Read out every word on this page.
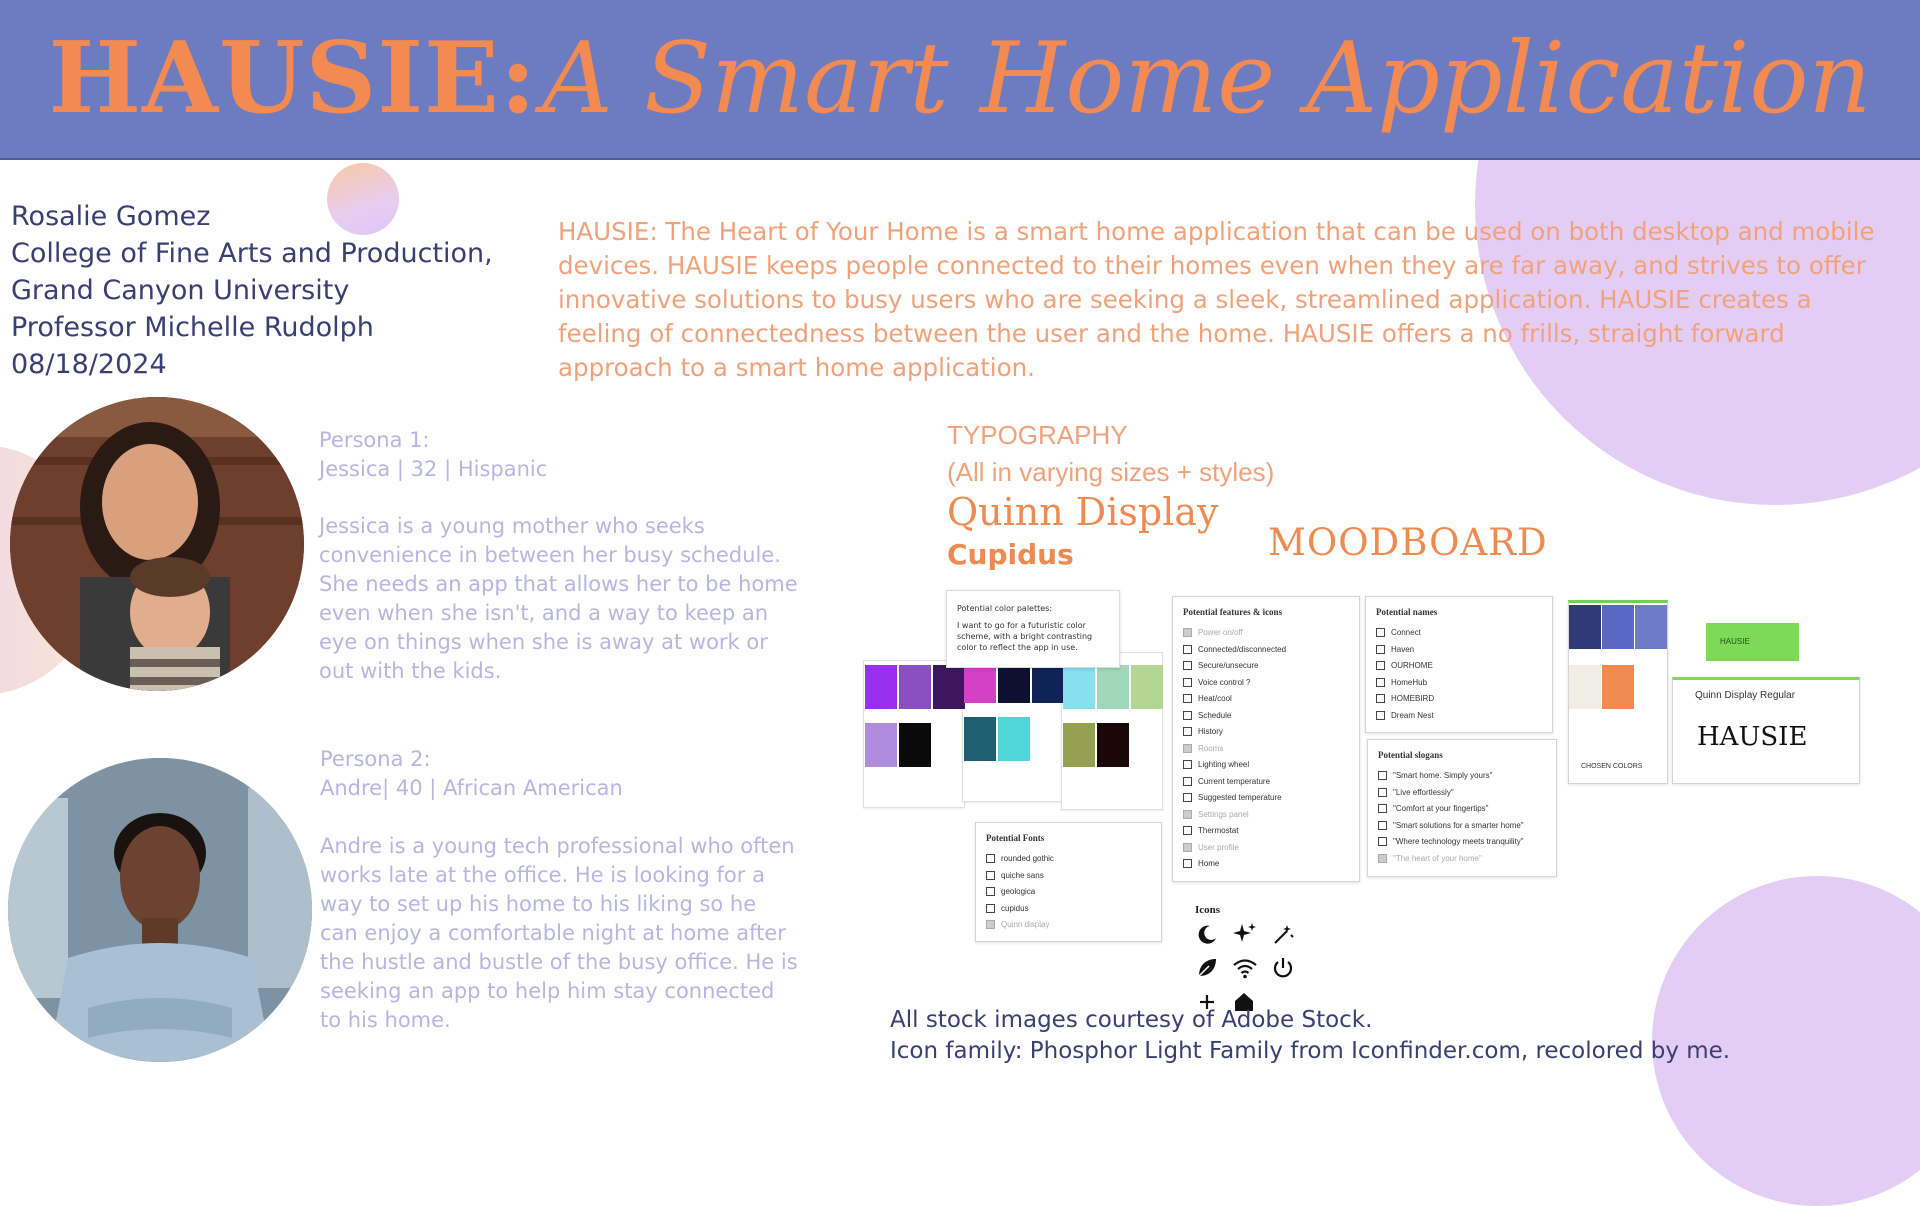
HAUSIE: A Smart Home Application
Rosalie Gomez
College of Fine Arts and Production,
Grand Canyon University
Professor Michelle Rudolph
08/18/2024
HAUSIE: The Heart of Your Home is a smart home application that can be used on both desktop and mobile devices. HAUSIE keeps people connected to their homes even when they are far away, and strives to offer innovative solutions to busy users who are seeking a sleek, streamlined application. HAUSIE creates a feeling of connectedness between the user and the home. HAUSIE offers a no frills, straight forward approach to a smart home application.
Persona 1:
Jessica | 32 | Hispanic
Jessica is a young mother who seeks convenience in between her busy schedule. She needs an app that allows her to be home even when she isn't, and a way to keep an eye on things when she is away at work or out with the kids.
Persona 2:
Andre| 40 | African American
Andre is a young tech professional who often works late at the office. He is looking for a way to set up his home to his liking so he can enjoy a comfortable night at home after the hustle and bustle of the busy office. He is seeking an app to help him stay connected to his home.
TYPOGRAPHY
(All in varying sizes + styles)
Quinn Display
Cupidus	MOODBOARD

Potential color palettes:

I want to go for a futuristic color scheme, with a bright contrasting color to reflect the app in use.

Potential Fonts
rounded gothic
quiche sans
geologica
cupidus
Quinn display
Potential features & icons
Power on/off
Connected/disconnected
Secure/unsecure
Voice control ?
Heat/cool
Schedule
History
Rooms
Lighting wheel
Current temperature
Suggested temperature
Settings panel
Thermostat
User profile
Home
Potential names
Connect
Haven
OURHOME
HomeHub
HOMEBIRD
Dream Nest
Potential slogans
"Smart home. Simply yours"
"Live effortlessly"
"Comfort at your fingertips"
"Smart solutions for a smarter home"
"Where technology meets tranquility"
"The heart of your home"
CHOSEN COLORS
HAUSIE
Quinn Display Regular
HAUSIE
Icons

All stock images courtesy of Adobe Stock.
Icon family: Phosphor Light Family from Iconfinder.com, recolored by me.
